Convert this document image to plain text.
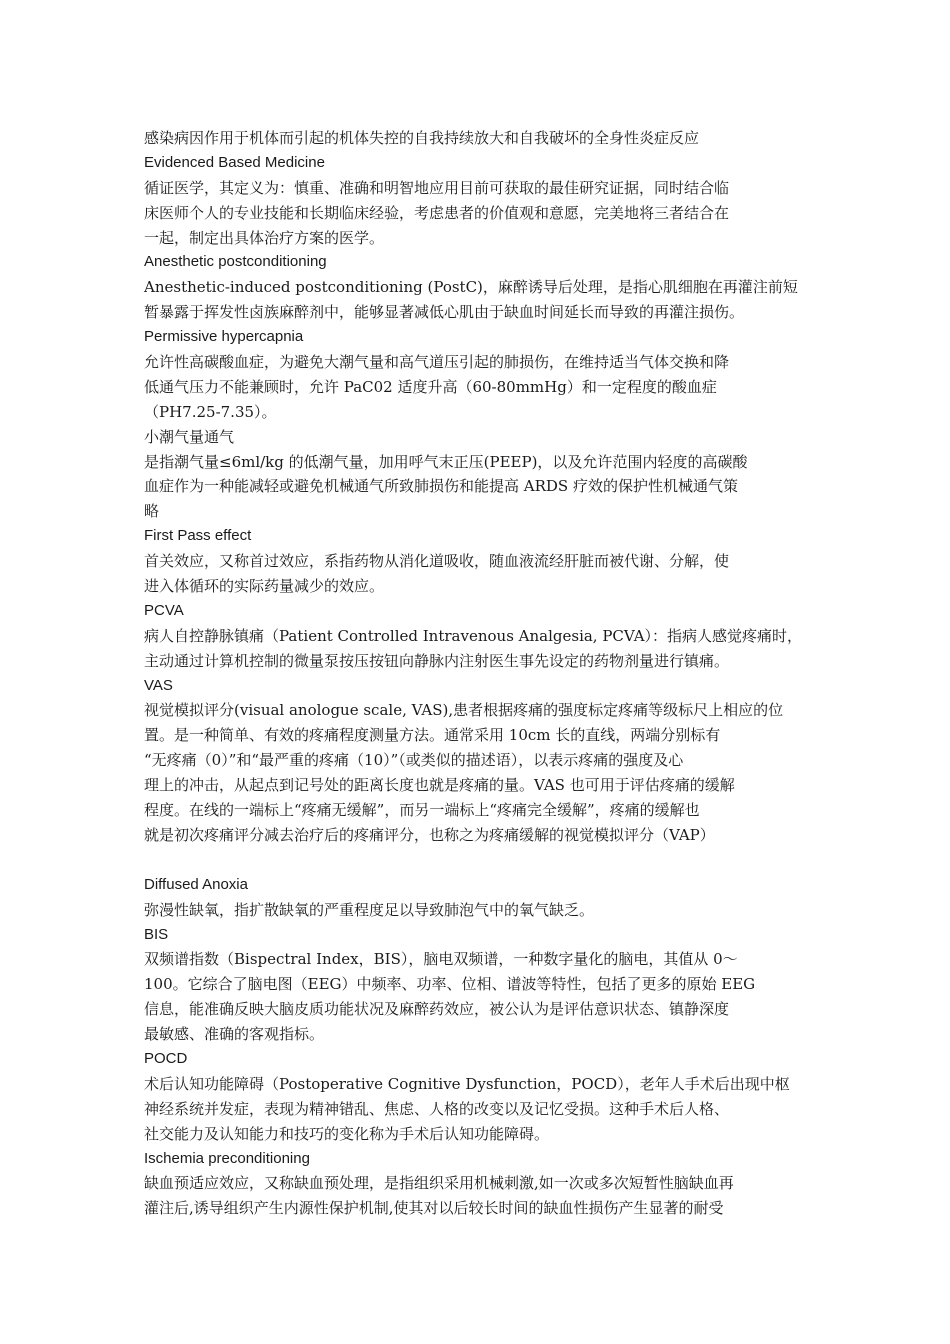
感染病因作用于机体而引起的机体失控的自我持续放大和自我破坏的全身性炎症反应
Evidenced Based Medicine
循证医学，其定义为：慎重、准确和明智地应用目前可获取的最佳研究证据，同时结合临
床医师个人的专业技能和长期临床经验，考虑患者的价值观和意愿，完美地将三者结合在
一起，制定出具体治疗方案的医学。
Anesthetic postconditioning
Anesthetic-induced postconditioning (PostC)，麻醉诱导后处理，是指心肌细胞在再灌注前短
暂暴露于挥发性卤族麻醉剂中，能够显著减低心肌由于缺血时间延长而导致的再灌注损伤。
Permissive hypercapnia
允许性高碳酸血症，为避免大潮气量和高气道压引起的肺损伤，在维持适当气体交换和降
低通气压力不能兼顾时，允许 PaC02 适度升高（60-80mmHg）和一定程度的酸血症
（PH7.25-7.35）。
小潮气量通气
是指潮气量≤6ml/kg 的低潮气量，加用呼气末正压(PEEP)，以及允许范围内轻度的高碳酸
血症作为一种能减轻或避免机械通气所致肺损伤和能提高 ARDS 疗效的保护性机械通气策
略
First Pass effect
首关效应，又称首过效应，系指药物从消化道吸收，随血液流经肝脏而被代谢、分解，使
进入体循环的实际药量减少的效应。
PCVA
病人自控静脉镇痛（Patient Controlled Intravenous Analgesia, PCVA）：指病人感觉疼痛时，
主动通过计算机控制的微量泵按压按钮向静脉内注射医生事先设定的药物剂量进行镇痛。
VAS
视觉模拟评分(visual anologue scale, VAS),患者根据疼痛的强度标定疼痛等级标尺上相应的位
置。是一种简单、有效的疼痛程度测量方法。通常采用 10cm 长的直线，两端分别标有
“无疼痛（0）”和“最严重的疼痛（10）”（或类似的描述语），以表示疼痛的强度及心
理上的冲击，从起点到记号处的距离长度也就是疼痛的量。VAS 也可用于评估疼痛的缓解
程度。在线的一端标上“疼痛无缓解”，而另一端标上“疼痛完全缓解”，疼痛的缓解也
就是初次疼痛评分减去治疗后的疼痛评分，也称之为疼痛缓解的视觉模拟评分（VAP）
Diffused Anoxia
弥漫性缺氧，指扩散缺氧的严重程度足以导致肺泡气中的氧气缺乏。
BIS
双频谱指数（Bispectral Index，BIS），脑电双频谱，一种数字量化的脑电，其值从 0～
100。它综合了脑电图（EEG）中频率、功率、位相、谱波等特性，包括了更多的原始 EEG
信息，能准确反映大脑皮质功能状况及麻醉药效应，被公认为是评估意识状态、镇静深度
最敏感、准确的客观指标。
POCD
术后认知功能障碍（Postoperative Cognitive Dysfunction，POCD），老年人手术后出现中枢
神经系统并发症，表现为精神错乱、焦虑、人格的改变以及记忆受损。这种手术后人格、
社交能力及认知能力和技巧的变化称为手术后认知功能障碍。
Ischemia preconditioning
缺血预适应效应，又称缺血预处理，是指组织采用机械刺激,如一次或多次短暂性脑缺血再
灌注后,诱导组织产生内源性保护机制,使其对以后较长时间的缺血性损伤产生显著的耐受
